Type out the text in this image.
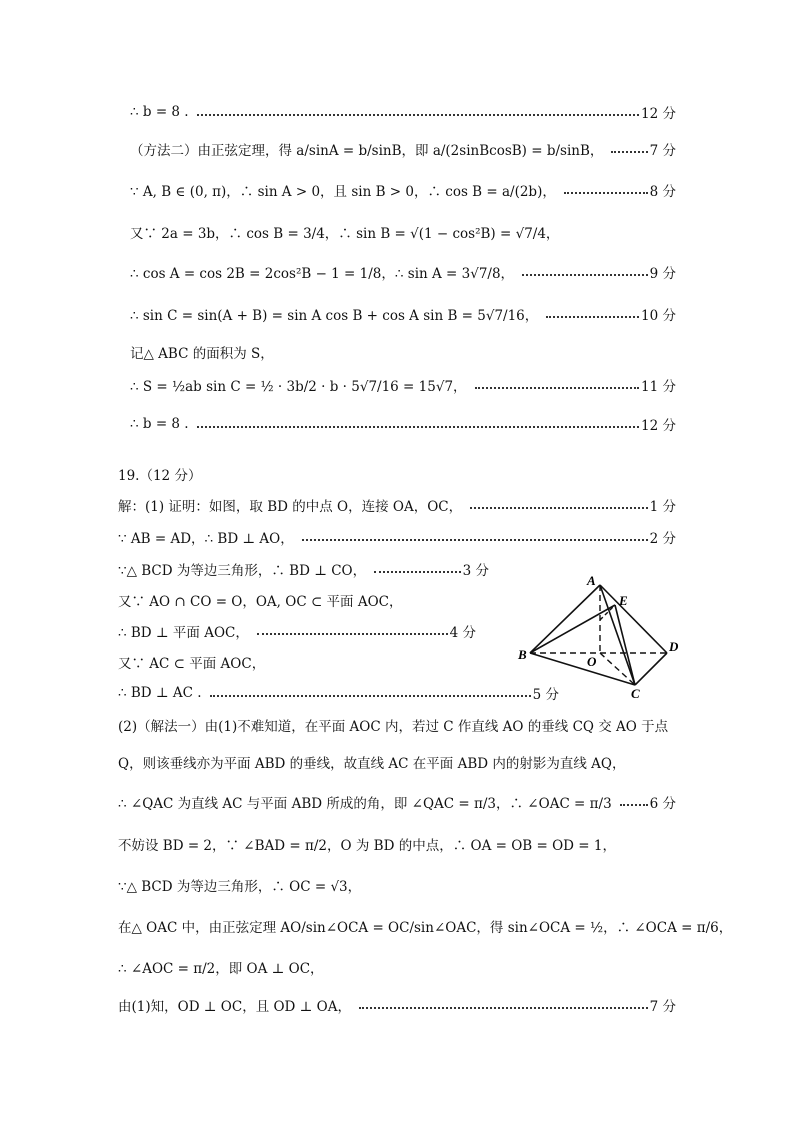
∴ b = 8 .	12 分
（方法二）由正弦定理，得 a/sinA = b/sinB，即 a/(2sinBcosB) = b/sinB，	7 分
∵ A, B ∈ (0, π)，∴ sin A > 0，且 sin B > 0，∴ cos B = a/(2b)，	8 分
又∵ 2a = 3b，∴ cos B = 3/4，∴ sin B = √(1 − cos²B) = √7/4，
∴ cos A = cos 2B = 2cos²B − 1 = 1/8，∴ sin A = 3√7/8，	9 分
∴ sin C = sin(A + B) = sin A cos B + cos A sin B = 5√7/16，	10 分
记△ ABC 的面积为 S，
∴ S = ½ab sin C = ½ · 3b/2 · b · 5√7/16 = 15√7，	11 分
∴ b = 8 .	12 分
19.（12 分）
解：(1) 证明：如图，取 BD 的中点 O，连接 OA，OC，	1 分
∵ AB = AD，∴ BD ⊥ AO，	2 分
∵△ BCD 为等边三角形，∴ BD ⊥ CO，	3 分
又∵ AO ∩ CO = O，OA, OC ⊂ 平面 AOC，
∴ BD ⊥ 平面 AOC，	4 分
又∵ AC ⊂ 平面 AOC，
∴ BD ⊥ AC .	5 分
(2)（解法一）由(1)不难知道，在平面 AOC 内，若过 C 作直线 AO 的垂线 CQ 交 AO 于点
Q，则该垂线亦为平面 ABD 的垂线，故直线 AC 在平面 ABD 内的射影为直线 AQ，
∴ ∠QAC 为直线 AC 与平面 ABD 所成的角，即 ∠QAC = π/3，∴ ∠OAC = π/3	6 分
不妨设 BD = 2，∵ ∠BAD = π/2，O 为 BD 的中点，∴ OA = OB = OD = 1，
∵△ BCD 为等边三角形，∴ OC = √3，
在△ OAC 中，由正弦定理 AO/sin∠OCA = OC/sin∠OAC，得 sin∠OCA = ½，∴ ∠OCA = π/6，
∴ ∠AOC = π/2，即 OA ⊥ OC，
由(1)知，OD ⊥ OC，且 OD ⊥ OA，	7 分
A
E
B	O
D
C
